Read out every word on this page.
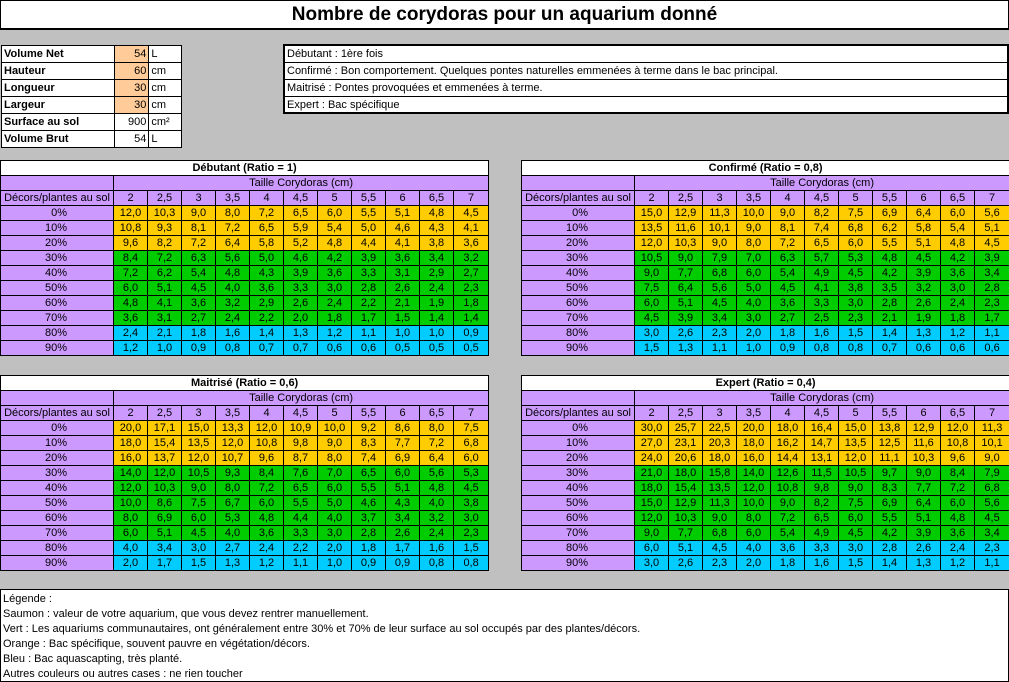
Nombre de corydoras pour un aquarium donné
Volume Net	54	L
Hauteur	60	cm
Longueur	30	cm
Largeur	30	cm
Surface au sol	900	cm²
Volume Brut	54	L
Débutant : 1ère fois
Confirmé : Bon comportement. Quelques pontes naturelles emmenées à terme dans le bac principal.
Maitrisé : Pontes provoquées et emmenées à terme.
Expert : Bac spécifique
Débutant (Ratio = 1)											
	Taille Corydoras (cm)										
Décors/plantes au sol	2	2,5	3	3,5	4	4,5	5	5,5	6	6,5	7
0%	12,0	10,3	9,0	8,0	7,2	6,5	6,0	5,5	5,1	4,8	4,5
10%	10,8	9,3	8,1	7,2	6,5	5,9	5,4	5,0	4,6	4,3	4,1
20%	9,6	8,2	7,2	6,4	5,8	5,2	4,8	4,4	4,1	3,8	3,6
30%	8,4	7,2	6,3	5,6	5,0	4,6	4,2	3,9	3,6	3,4	3,2
40%	7,2	6,2	5,4	4,8	4,3	3,9	3,6	3,3	3,1	2,9	2,7
50%	6,0	5,1	4,5	4,0	3,6	3,3	3,0	2,8	2,6	2,4	2,3
60%	4,8	4,1	3,6	3,2	2,9	2,6	2,4	2,2	2,1	1,9	1,8
70%	3,6	3,1	2,7	2,4	2,2	2,0	1,8	1,7	1,5	1,4	1,4
80%	2,4	2,1	1,8	1,6	1,4	1,3	1,2	1,1	1,0	1,0	0,9
90%	1,2	1,0	0,9	0,8	0,7	0,7	0,6	0,6	0,5	0,5	0,5
Confirmé (Ratio = 0,8)											
	Taille Corydoras (cm)										
Décors/plantes au sol	2	2,5	3	3,5	4	4,5	5	5,5	6	6,5	7
0%	15,0	12,9	11,3	10,0	9,0	8,2	7,5	6,9	6,4	6,0	5,6
10%	13,5	11,6	10,1	9,0	8,1	7,4	6,8	6,2	5,8	5,4	5,1
20%	12,0	10,3	9,0	8,0	7,2	6,5	6,0	5,5	5,1	4,8	4,5
30%	10,5	9,0	7,9	7,0	6,3	5,7	5,3	4,8	4,5	4,2	3,9
40%	9,0	7,7	6,8	6,0	5,4	4,9	4,5	4,2	3,9	3,6	3,4
50%	7,5	6,4	5,6	5,0	4,5	4,1	3,8	3,5	3,2	3,0	2,8
60%	6,0	5,1	4,5	4,0	3,6	3,3	3,0	2,8	2,6	2,4	2,3
70%	4,5	3,9	3,4	3,0	2,7	2,5	2,3	2,1	1,9	1,8	1,7
80%	3,0	2,6	2,3	2,0	1,8	1,6	1,5	1,4	1,3	1,2	1,1
90%	1,5	1,3	1,1	1,0	0,9	0,8	0,8	0,7	0,6	0,6	0,6
Maitrisé (Ratio = 0,6)											
	Taille Corydoras (cm)										
Décors/plantes au sol	2	2,5	3	3,5	4	4,5	5	5,5	6	6,5	7
0%	20,0	17,1	15,0	13,3	12,0	10,9	10,0	9,2	8,6	8,0	7,5
10%	18,0	15,4	13,5	12,0	10,8	9,8	9,0	8,3	7,7	7,2	6,8
20%	16,0	13,7	12,0	10,7	9,6	8,7	8,0	7,4	6,9	6,4	6,0
30%	14,0	12,0	10,5	9,3	8,4	7,6	7,0	6,5	6,0	5,6	5,3
40%	12,0	10,3	9,0	8,0	7,2	6,5	6,0	5,5	5,1	4,8	4,5
50%	10,0	8,6	7,5	6,7	6,0	5,5	5,0	4,6	4,3	4,0	3,8
60%	8,0	6,9	6,0	5,3	4,8	4,4	4,0	3,7	3,4	3,2	3,0
70%	6,0	5,1	4,5	4,0	3,6	3,3	3,0	2,8	2,6	2,4	2,3
80%	4,0	3,4	3,0	2,7	2,4	2,2	2,0	1,8	1,7	1,6	1,5
90%	2,0	1,7	1,5	1,3	1,2	1,1	1,0	0,9	0,9	0,8	0,8
Expert (Ratio = 0,4)											
	Taille Corydoras (cm)										
Décors/plantes au sol	2	2,5	3	3,5	4	4,5	5	5,5	6	6,5	7
0%	30,0	25,7	22,5	20,0	18,0	16,4	15,0	13,8	12,9	12,0	11,3
10%	27,0	23,1	20,3	18,0	16,2	14,7	13,5	12,5	11,6	10,8	10,1
20%	24,0	20,6	18,0	16,0	14,4	13,1	12,0	11,1	10,3	9,6	9,0
30%	21,0	18,0	15,8	14,0	12,6	11,5	10,5	9,7	9,0	8,4	7,9
40%	18,0	15,4	13,5	12,0	10,8	9,8	9,0	8,3	7,7	7,2	6,8
50%	15,0	12,9	11,3	10,0	9,0	8,2	7,5	6,9	6,4	6,0	5,6
60%	12,0	10,3	9,0	8,0	7,2	6,5	6,0	5,5	5,1	4,8	4,5
70%	9,0	7,7	6,8	6,0	5,4	4,9	4,5	4,2	3,9	3,6	3,4
80%	6,0	5,1	4,5	4,0	3,6	3,3	3,0	2,8	2,6	2,4	2,3
90%	3,0	2,6	2,3	2,0	1,8	1,6	1,5	1,4	1,3	1,2	1,1
Légende :
Saumon : valeur de votre aquarium, que vous devez rentrer manuellement.
Vert : Les aquariums communautaires, ont généralement entre 30% et 70% de leur surface au sol occupés par des plantes/décors.
Orange : Bac spécifique, souvent pauvre en végétation/décors.
Bleu : Bac aquascapting, très planté.
Autres couleurs ou autres cases : ne rien toucher
